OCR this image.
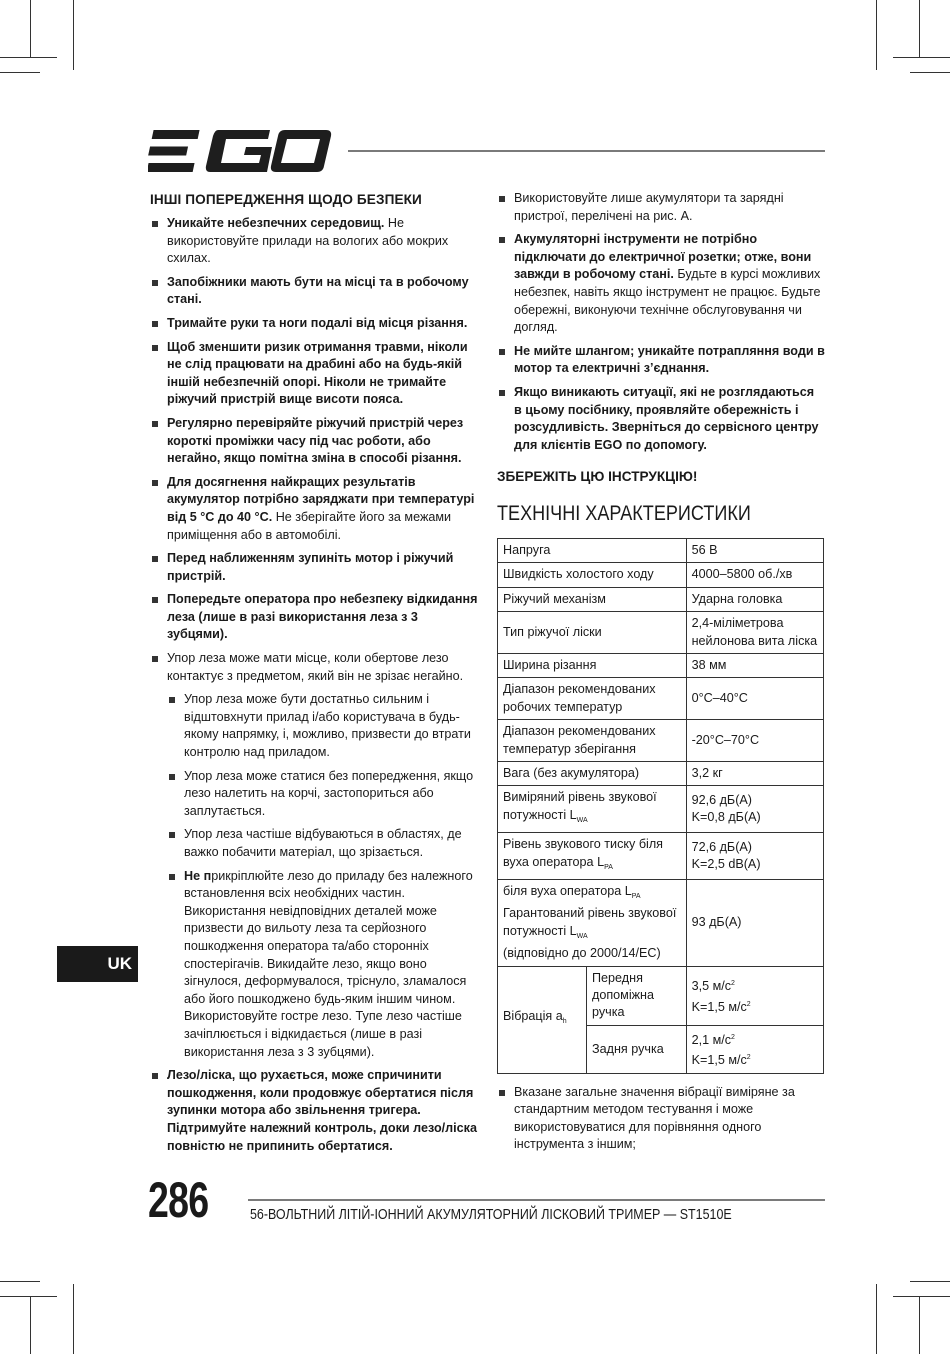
ІНШІ ПОПЕРЕДЖЕННЯ ЩОДО БЕЗПЕКИ
Уникайте небезпечних середовищ. Не використовуйте прилади на вологих або мокрих схилах.
Запобіжники мають бути на місці та в робочому стані.
Тримайте руки та ноги подалі від місця різання.
Щоб зменшити ризик отримання травми, ніколи не слід працювати на драбині або на будь-якій іншій небезпечній опорі. Ніколи не тримайте ріжучий пристрій вище висоти пояса.
Регулярно перевіряйте ріжучий пристрій через короткі проміжки часу під час роботи, або негайно, якщо помітна зміна в способі різання.
Для досягнення найкращих результатів акумулятор потрібно заряджати при температурі від 5 °C до 40 °C. Не зберігайте його за межами приміщення або в автомобілі.
Перед наближенням зупиніть мотор і ріжучий пристрій.
Попередьте оператора про небезпеку відкидання леза (лише в разі використання леза з 3 зубцями).
Упор леза може мати місце, коли обертове лезо контактує з предметом, який він не зрізає негайно.
Упор леза може бути достатньо сильним і відштовхнути прилад і/або користувача в будь-якому напрямку, і, можливо, призвести до втрати контролю над приладом.
Упор леза може статися без попередження, якщо лезо налетить на корчі, застопориться або заплутається.
Упор леза частіше відбуваються в областях, де важко побачити матеріал, що зрізається.
Не прикріплюйте лезо до приладу без належного встановлення всіх необхідних частин. Використання невідповідних деталей може призвести до вильоту леза та серйозного пошкодження оператора та/або сторонніх спостерігачів. Викидайте лезо, якщо воно зігнулося, деформувалося, тріснуло, зламалося або його пошкоджено будь-яким іншим чином. Використовуйте гостре лезо. Тупе лезо частіше зачіплюється і відкидається (лише в разі використання леза з 3 зубцями).
Лезо/ліска, що рухається, може спричинити пошкодження, коли продовжує обертатися після зупинки мотора або звільнення тригера. Підтримуйте належний контроль, доки лезо/ліска повністю не припинить обертатися.
Використовуйте лише акумулятори та зарядні пристрої, перелічені на рис. A.
Акумуляторні інструменти не потрібно підключати до електричної розетки; отже, вони завжди в робочому стані. Будьте в курсі можливих небезпек, навіть якщо інструмент не працює. Будьте обережні, виконуючи технічне обслуговування чи догляд.
Не мийте шлангом; уникайте потрапляння води в мотор та електричні з’єднання.
Якщо виникають ситуації, які не розглядаються в цьому посібнику, проявляйте обережність і розсудливість. Зверніться до сервісного центру для клієнтів EGO по допомогу.
ЗБЕРЕЖІТЬ ЦЮ ІНСТРУКЦІЮ!
ТЕХНІЧНІ ХАРАКТЕРИСТИКИ
Напруга		56 В
Швидкість холостого ходу		4000–5800 об./хв
Ріжучий механізм		Ударна головка
Тип ріжучої ліски		2,4-міліметрова
нейлонова вита ліска
Ширина різання		38 мм
Діапазон рекомендованих
робочих температур		0°C–40°C
Діапазон рекомендованих
температур зберігання		-20°C–70°C
Вага (без акумулятора)		3,2 кг
Виміряний рівень звукової
потужності $L_{WA}$		92,6 дБ(A)
K=0,8 дБ(A)
Рівень звукового тиску біля
вуха оператора $L_{PA}$		72,6 дБ(A)
K=2,5 dB(A)
біля вуха оператора $L_{PA}$
Гарантований рівень звукової
потужності $L_{WA}$
(відповідно до 2000/14/EC)		93 дБ(A)
Вібрація $a_h$	Передня
допоміжна
ручка	3,5 $м/с^2$
K=1,5 $м/с^2$
	Задня ручка	2,1 $м/с^2$
K=1,5 $м/с^2$
Вказане загальне значення вібрації виміряне за стандартним методом тестування і може використовуватися для порівняння одного інструмента з іншим;
UK
286	56-ВОЛЬТНИЙ ЛІТІЙ-ІОННИЙ АКУМУЛЯТОРНИЙ ЛІСКОВИЙ ТРИМЕР — ST1510E
